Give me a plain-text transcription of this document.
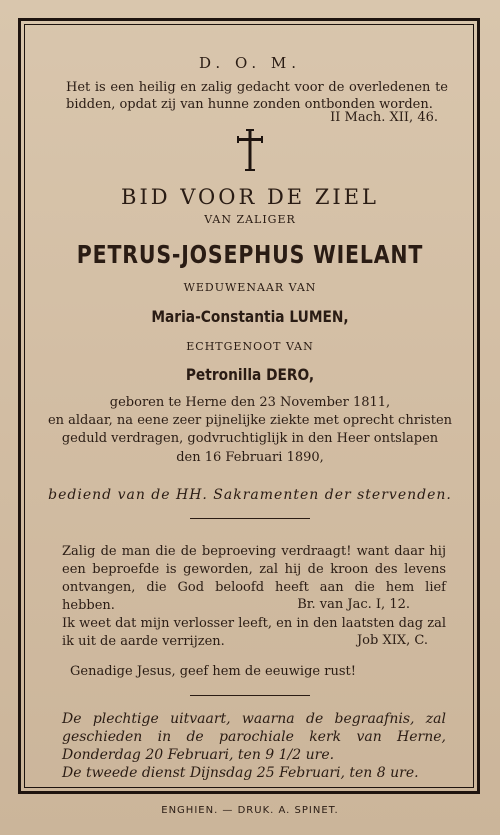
D. O. M.
Het is een heilig en zalig gedacht voor de overledenen te bidden, opdat zij van hunne zonden ontbonden worden.
II Mach. XII, 46.
BID VOOR DE ZIEL
VAN ZALIGER
PETRUS-JOSEPHUS WIELANT
WEDUWENAAR VAN
Maria-Constantia LUMEN,
ECHTGENOOT VAN
Petronilla DERO,
geboren te Herne den 23 November 1811,
en aldaar, na eene zeer pijnelijke ziekte met oprecht christen
geduld verdragen, godvruchtiglijk in den Heer ontslapen
den 16 Februari 1890,
bediend van de HH. Sakramenten der stervenden.
Zalig de man die de beproeving verdraagt! want daar hij een beproefde is geworden, zal hij de kroon des levens ontvangen, die God beloofd heeft aan die hem lief hebben.	Br. van Jac. I, 12.
Ik weet dat mijn verlosser leeft, en in den laatsten dag zal ik uit de aarde verrijzen.	Job XIX, C.
Genadige Jesus, geef hem de eeuwige rust!
De plechtige uitvaart, waarna de begraafnis, zal geschieden in de parochiale kerk van Herne, Donderdag 20 Februari, ten 9 1/2 ure.
De tweede dienst Dijnsdag 25 Februari, ten 8 ure.
ENGHIEN. — DRUK. A. SPINET.
